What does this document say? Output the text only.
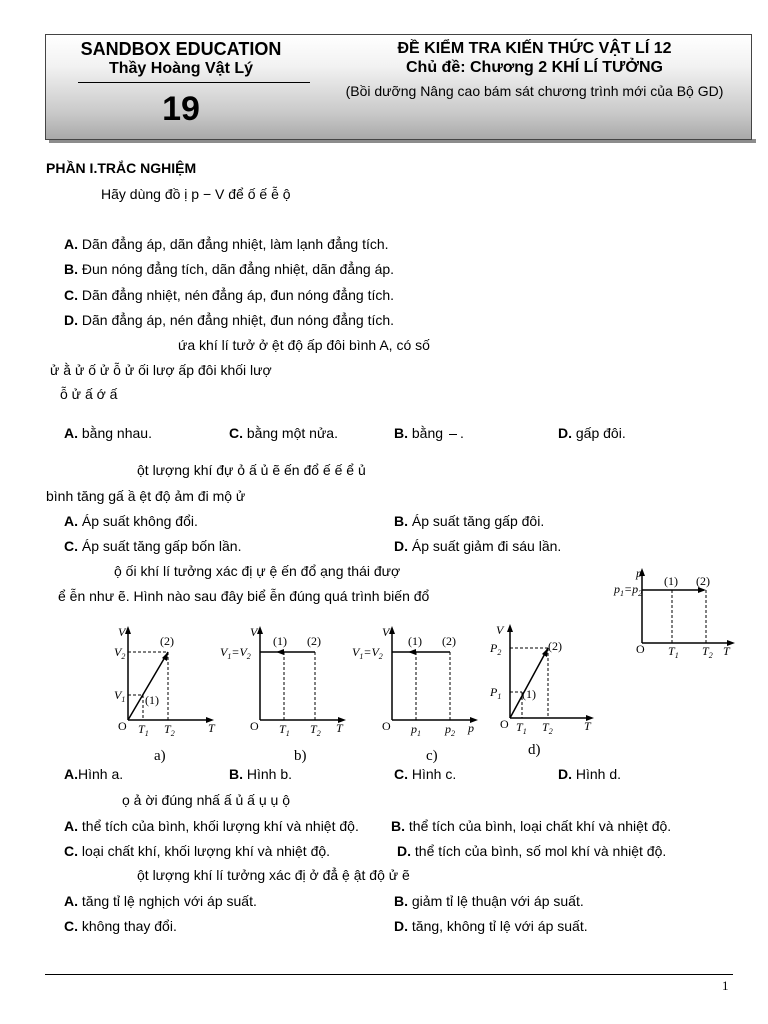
SANDBOX EDUCATION
Thầy Hoàng Vật Lý
19
ĐỀ KIỂM TRA KIẾN THỨC VẬT LÍ 12
Chủ đề: Chương 2 KHÍ LÍ TƯỞNG
(Bồi dưỡng Nâng cao bám sát chương trình mới của Bộ GD)
PHẦN I.TRẮC NGHIỆM
Hãy dùng đồ ị p − V để ố ế ễ ộ
A. Dãn đẳng áp, dãn đẳng nhiệt, làm lạnh đẳng tích.
B. Đun nóng đẳng tích, dãn đẳng nhiệt, dãn đẳng áp.
C. Dãn đẳng nhiệt, nén đẳng áp, đun nóng đẳng tích.
D. Dãn đẳng áp, nén đẳng nhiệt, đun nóng đẳng tích.
ứa khí lí tưở ở ệt độ ấp đôi bình A, có số
ử ằ ử ố ử ỗ ử ối lượ ấp đôi khối lượ
ỗ ử ấ ớ ấ
A. bằng nhau.	C. bằng một nửa.	B. bằng .	D. gấp đôi.
ột lượng khí đự ỏ ấ ủ ẽ ến đổ ế ế ể ủ
bình tăng gấ ầ ệt độ ảm đi mộ ử
A. Áp suất không đổi.	B. Áp suất tăng gấp đôi.
C. Áp suất tăng gấp bốn lần.	D. Áp suất giảm đi sáu lần.
ộ ối khí lí tưởng xác đị ự ệ ến đổ ạng thái đượ
ể ễn như ẽ. Hình nào sau đây biể ễn đúng quá trình biến đổ
p
$p_1=p_2$
(1) (2)
O $T_1$ $T_2$ T
V
$V_2$
$V_1$
(2)
(1)
O $T_1$ $T_2$	T
a)
V
$V_1=V_2$
(1) (2)
O $T_1$ $T_2$ T
b)
V
$V_1=V_2$
(1) (2)
O $p_1$ $p_2$ p
c)
V
$P_2$
$P_1$
(2)
(1)
O $T_1$ $T_2$	T
d)
A.Hình a.	B. Hình b.	C. Hình c.	D. Hình d.
ọ ả ời đúng nhấ ấ ủ ấ ụ ụ ộ
A. thể tích của bình, khối lượng khí và nhiệt độ. B. thể tích của bình, loại chất khí và nhiệt độ.
C. loại chất khí, khối lượng khí và nhiệt độ.	D. thể tích của bình, số mol khí và nhiệt độ.
ột lượng khí lí tưởng xác đị ở đẳ ệ ật độ ử ẽ
A. tăng tỉ lệ nghịch với áp suất.	B. giảm tỉ lệ thuận với áp suất.
C. không thay đổi.	D. tăng, không tỉ lệ với áp suất.
1
